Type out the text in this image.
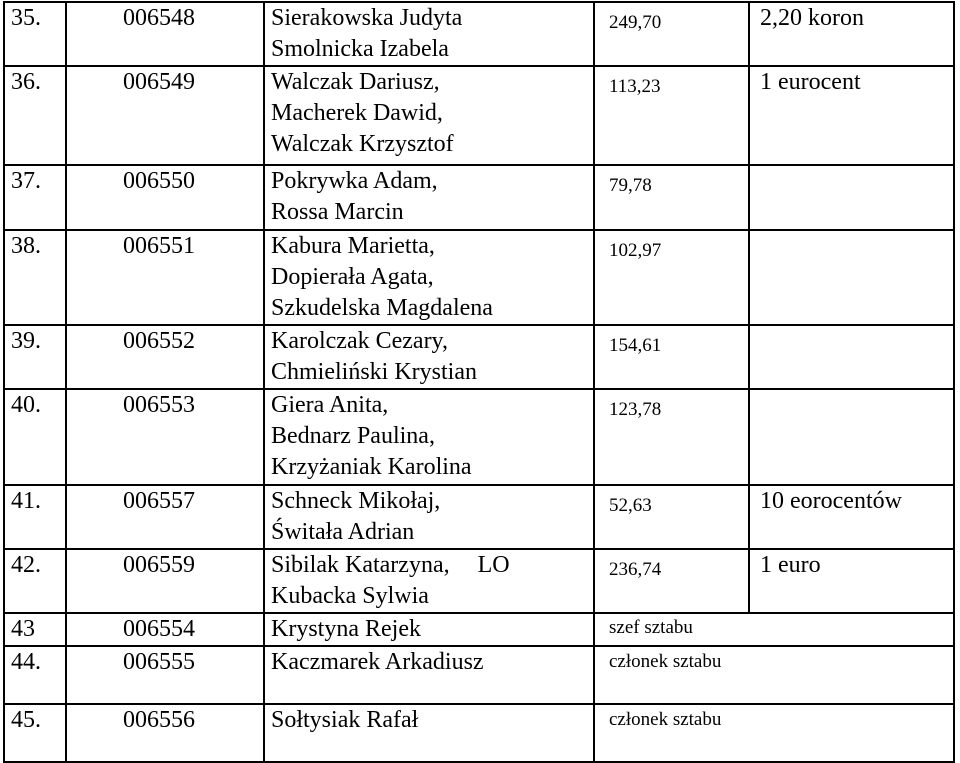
35.	006548	Sierakowska Judyta
Smolnicka Izabela	249,70	2,20 koron
36.	006549	Walczak Dariusz,
Macherek Dawid,
Walczak Krzysztof	113,23	1 eurocent
37.	006550	Pokrywka Adam,
Rossa Marcin	79,78	

38.	006551	Kabura Marietta,
Dopierała Agata,
Szkudelska Magdalena	102,97	

39.	006552	Karolczak Cezary,
Chmieliński Krystian	154,61	

40.	006553	Giera Anita,
Bednarz Paulina,
Krzyżaniak Karolina	123,78	

41.	006557	Schneck Mikołaj,
Świtała Adrian	52,63	10 eorocentów
42.	006559	Sibilak Katarzyna, LO
Kubacka Sylwia	236,74	1 euro
43	006554	Krystyna Rejek	szef sztabu	
44.	006555	Kaczmarek Arkadiusz	członek sztabu	

45.	006556	Sołtysiak Rafał	członek sztabu	
